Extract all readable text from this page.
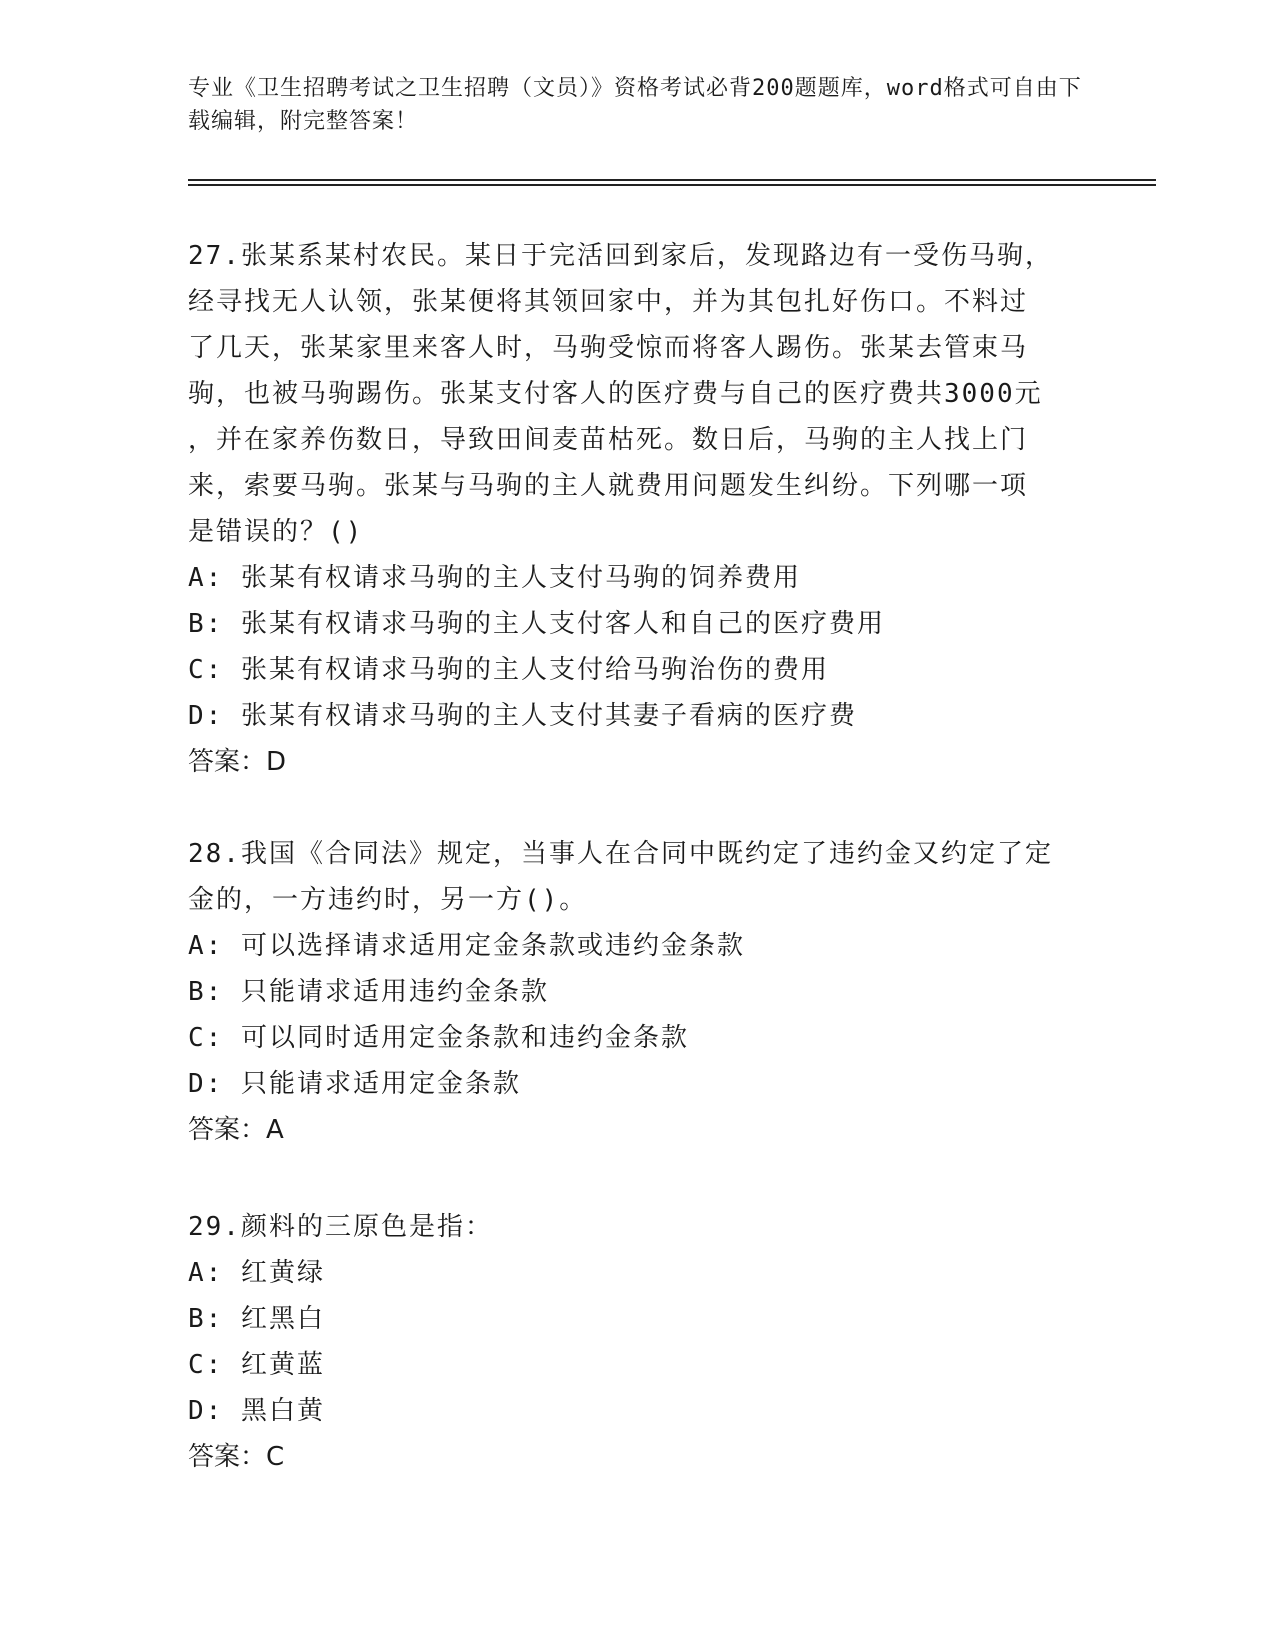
专业《卫生招聘考试之卫生招聘（文员）》资格考试必背200题题库，word格式可自由下载编辑，附完整答案！

27.张某系某村农民。某日于完活回到家后，发现路边有一受伤马驹，

经寻找无人认领，张某便将其领回家中，并为其包扎好伤口。不料过

了几天，张某家里来客人时，马驹受惊而将客人踢伤。张某去管束马

驹，也被马驹踢伤。张某支付客人的医疗费与自己的医疗费共3000元

，并在家养伤数日，导致田间麦苗枯死。数日后，马驹的主人找上门

来，索要马驹。张某与马驹的主人就费用问题发生纠纷。下列哪一项

是错误的？()

A: 张某有权请求马驹的主人支付马驹的饲养费用

B: 张某有权请求马驹的主人支付客人和自己的医疗费用

C: 张某有权请求马驹的主人支付给马驹治伤的费用

D: 张某有权请求马驹的主人支付其妻子看病的医疗费

答案：D

28.我国《合同法》规定，当事人在合同中既约定了违约金又约定了定

金的，一方违约时，另一方()。

A: 可以选择请求适用定金条款或违约金条款

B: 只能请求适用违约金条款

C: 可以同时适用定金条款和违约金条款

D: 只能请求适用定金条款

答案：A

29.颜料的三原色是指：

A: 红黄绿

B: 红黑白

C: 红黄蓝

D: 黑白黄

答案：C
